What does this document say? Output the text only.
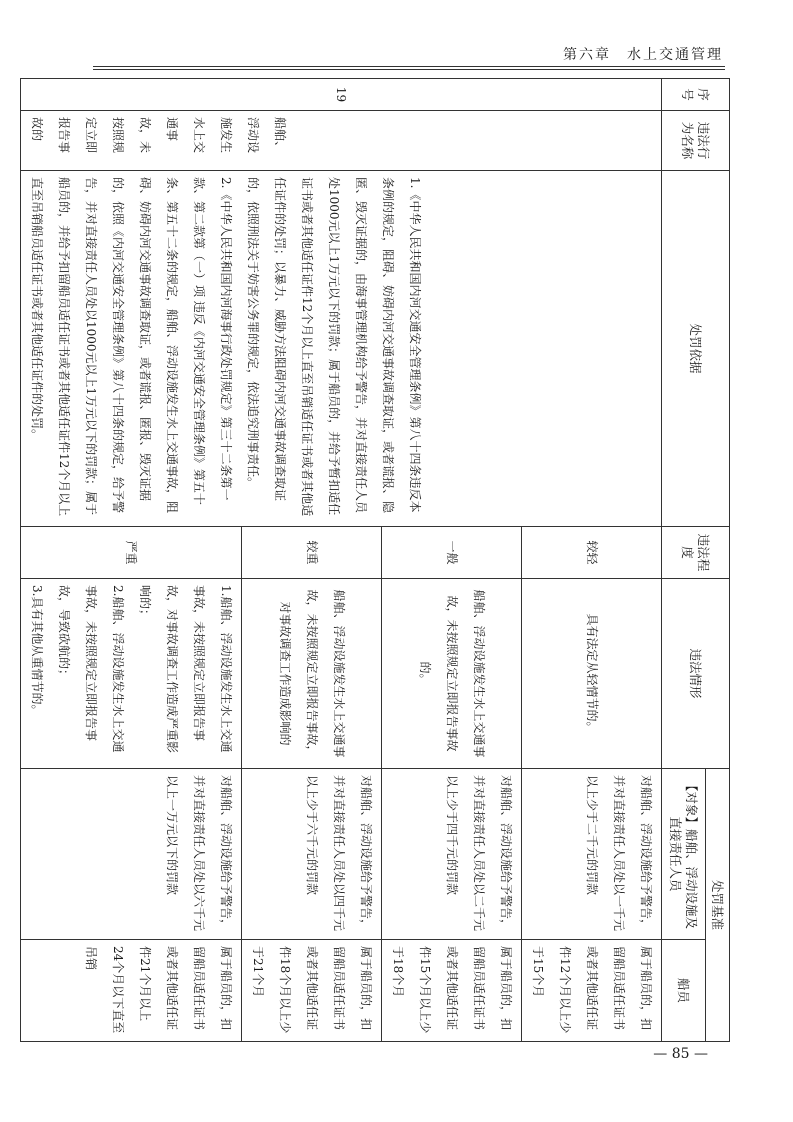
第六章　水上交通管理
序号	违法行为名称	处罚依据	违法程度	违法情形	处罚基准	
					【对象】船舶、浮动设施及直接责任人员	船员
19	船舶、浮动设施发生水上交通事故，未按照规定立即报告事故的	1.《中华人民共和国内河交通安全管理条例》第八十四条违反本条例的规定，阻碍、妨碍内河交通事故调查取证，或者谎报、隐匿、毁灭证据的，由海事管理机构给予警告，并对直接责任人员处1000元以上1万元以下的罚款；属于船员的，并给予暂扣适任证书或者其他适任证件12个月以上直至吊销适任证书或者其他适任证件的处罚；以暴力、威胁方法阻碍内河交通事故调查取证的，依照刑法关于妨害公务罪的规定，依法追究刑事责任。
2.《中华人民共和国内河海事行政处罚规定》第三十二条第一款、第二款第（一）项 违反《内河交通安全管理条例》第五十条、第五十二条的规定，船舶、浮动设施发生水上交通事故，阻碍、妨碍内河交通事故调查取证，或者谎报、匿报、毁灭证据的，依照《内河交通安全管理条例》第八十四条的规定，给予警告，并对直接责任人员处以1000元以上1万元以下的罚款；属于船员的，并给予扣留船员适任证书或者其他适任证件12个月以上直至吊销船员适任证书或者其他适任证件的处罚。	较轻	具有法定从轻情节的。	对船舶、浮动设施给予警告，并对直接责任人员处以一千元以上少于二千元的罚款	属于船员的，扣留船员适任证书或者其他适任证件12个月以上少于15个月
			一般	船舶、浮动设施发生水上交通事故，未按照规定立即报告事故的。	对船舶、浮动设施给予警告，并对直接责任人员处以二千元以上少于四千元的罚款	属于船员的，扣留船员适任证书或者其他适任证件15个月以上少于18个月
			较重	船舶、浮动设施发生水上交通事故，未按照规定立即报告事故，对事故调查工作造成影响的	对船舶、浮动设施给予警告，并对直接责任人员处以四千元以上少于六千元的罚款	属于船员的，扣留船员适任证书或者其他适任证件18个月以上少于21个月
			严重	1.船舶、浮动设施发生水上交通事故，未按照规定立即报告事故，对事故调查工作造成严重影响的；
2.船舶、浮动设施发生水上交通事故，未按照规定立即报告事故，导致砍航的；
3.具有其他从重情节的。	对船舶、浮动设施给予警告，并对直接责任人员处以六千元以上一万元以下的罚款	属于船员的，扣留船员适任证书或者其他适任证件21个月以上24个月以下直至吊销
— 85 —
